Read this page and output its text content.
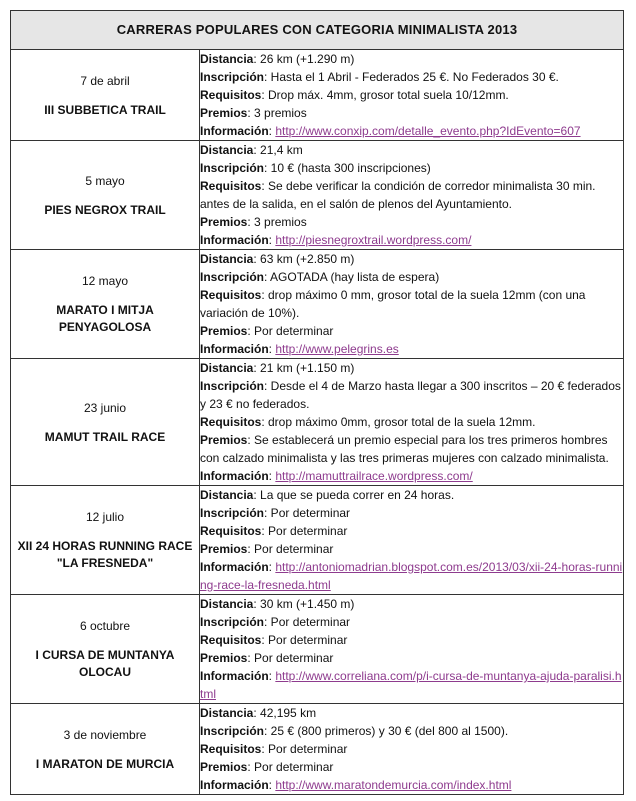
CARRERAS POPULARES CON CATEGORIA MINIMALISTA 2013	

7 de abril
III SUBBETICA TRAIL	Distancia: 26 km (+1.290 m)
Inscripción: Hasta el 1 Abril - Federados 25 €. No Federados 30 €.
Requisitos: Drop máx. 4mm, grosor total suela 10/12mm.
Premios: 3 premios
Información: http://www.conxip.com/detalle_evento.php?IdEvento=607

5 mayo
PIES NEGROX TRAIL	Distancia: 21,4 km
Inscripción: 10 € (hasta 300 inscripciones)
Requisitos: Se debe verificar la condición de corredor minimalista 30 min. antes de la salida, en el salón de plenos del Ayuntamiento.
Premios: 3 premios
Información: http://piesnegroxtrail.wordpress.com/

12 mayo
MARATO I MITJA PENYAGOLOSA	Distancia: 63 km (+2.850 m)
Inscripción: AGOTADA (hay lista de espera)
Requisitos: drop máximo 0 mm, grosor total de la suela 12mm (con una variación de 10%).
Premios: Por determinar
Información: http://www.pelegrins.es

23 junio
MAMUT TRAIL RACE	Distancia: 21 km (+1.150 m)
Inscripción: Desde el 4 de Marzo hasta llegar a 300 inscritos – 20 € federados y 23 € no federados.
Requisitos: drop máximo 0mm, grosor total de la suela 12mm.
Premios: Se establecerá un premio especial para los tres primeros hombres con calzado minimalista y las tres primeras mujeres con calzado minimalista.
Información: http://mamuttrailrace.wordpress.com/

12 julio
XII 24 HORAS RUNNING RACE "LA FRESNEDA"	Distancia: La que se pueda correr en 24 horas.
Inscripción: Por determinar
Requisitos: Por determinar
Premios: Por determinar
Información: http://antoniomadrian.blogspot.com.es/2013/03/xii-24-horas-running-race-la-fresneda.html

6 octubre
I CURSA DE MUNTANYA OLOCAU	Distancia: 30 km (+1.450 m)
Inscripción: Por determinar
Requisitos: Por determinar
Premios: Por determinar
Información: http://www.correliana.com/p/i-cursa-de-muntanya-ajuda-paralisi.html

3 de noviembre
I MARATON DE MURCIA	Distancia: 42,195 km
Inscripción: 25 € (800 primeros) y 30 € (del 800 al 1500).
Requisitos: Por determinar
Premios: Por determinar
Información: http://www.maratondemurcia.com/index.html
